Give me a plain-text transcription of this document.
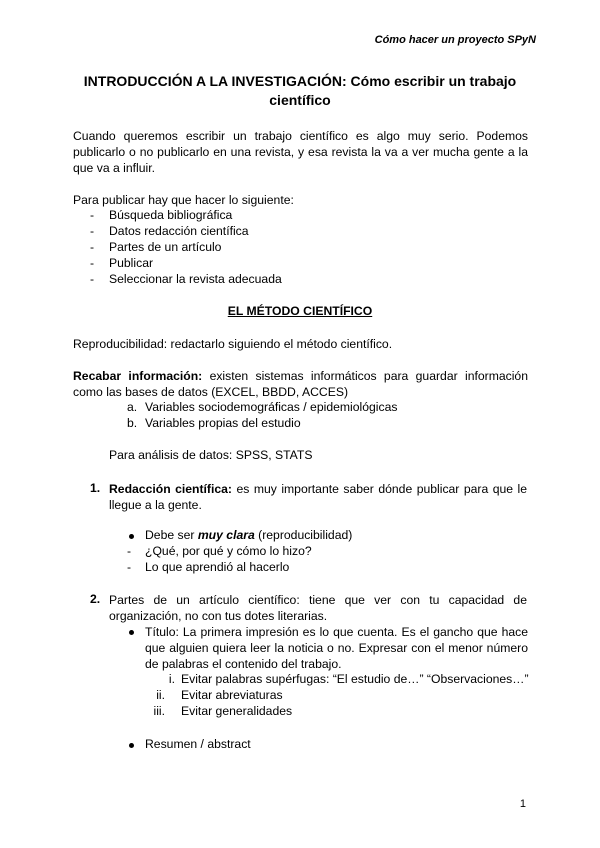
Cómo hacer un proyecto SPyN
INTRODUCCIÓN A LA INVESTIGACIÓN: Cómo escribir un trabajo
científico
Cuando queremos escribir un trabajo científico es algo muy serio. Podemos
publicarlo o no publicarlo en una revista, y esa revista la va a ver mucha gente a la
que va a influir.
Para publicar hay que hacer lo siguiente:
- Búsqueda bibliográfica
- Datos redacción científica
- Partes de un artículo
- Publicar
- Seleccionar la revista adecuada
EL MÉTODO CIENTÍFICO
Reproducibilidad: redactarlo siguiendo el método científico.
Recabar información: existen sistemas informáticos para guardar información
como las bases de datos (EXCEL, BBDD, ACCES)
a. Variables sociodemográficas / epidemiológicas
b. Variables propias del estudio
Para análisis de datos: SPSS, STATS
1. Redacción científica: es muy importante saber dónde publicar para que le
llegue a la gente.
Debe ser muy clara (reproducibilidad)
- ¿Qué, por qué y cómo lo hizo?
- Lo que aprendió al hacerlo
2. Partes de un artículo científico: tiene que ver con tu capacidad de
organización, no con tus dotes literarias.
Título: La primera impresión es lo que cuenta. Es el gancho que hace
que alguien quiera leer la noticia o no. Expresar con el menor número
de palabras el contenido del trabajo.
i. Evitar palabras supérfugas: “El estudio de…” “Observaciones…”
ii. Evitar abreviaturas
iii. Evitar generalidades
Resumen / abstract
1
